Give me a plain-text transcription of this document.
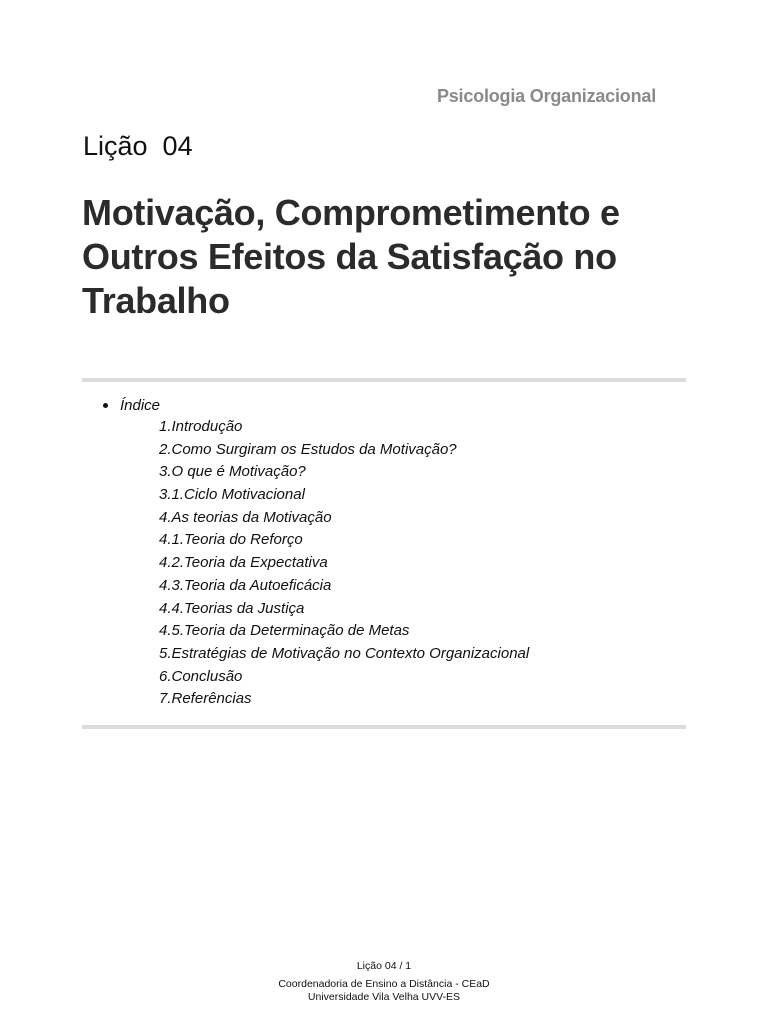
Psicologia Organizacional
Lição  04
Motivação, Comprometimento e Outros Efeitos da Satisfação no Trabalho
Índice
1.Introdução
2.Como Surgiram os Estudos da Motivação?
3.O que é Motivação?
3.1.Ciclo Motivacional
4.As teorias da Motivação
4.1.Teoria do Reforço
4.2.Teoria da Expectativa
4.3.Teoria da Autoeficácia
4.4.Teorias da Justiça
4.5.Teoria da Determinação de Metas
5.Estratégias de Motivação no Contexto Organizacional
6.Conclusão
7.Referências
Lição 04 / 1
Coordenadoria de Ensino a Distância - CEaD
Universidade Vila Velha UVV-ES
